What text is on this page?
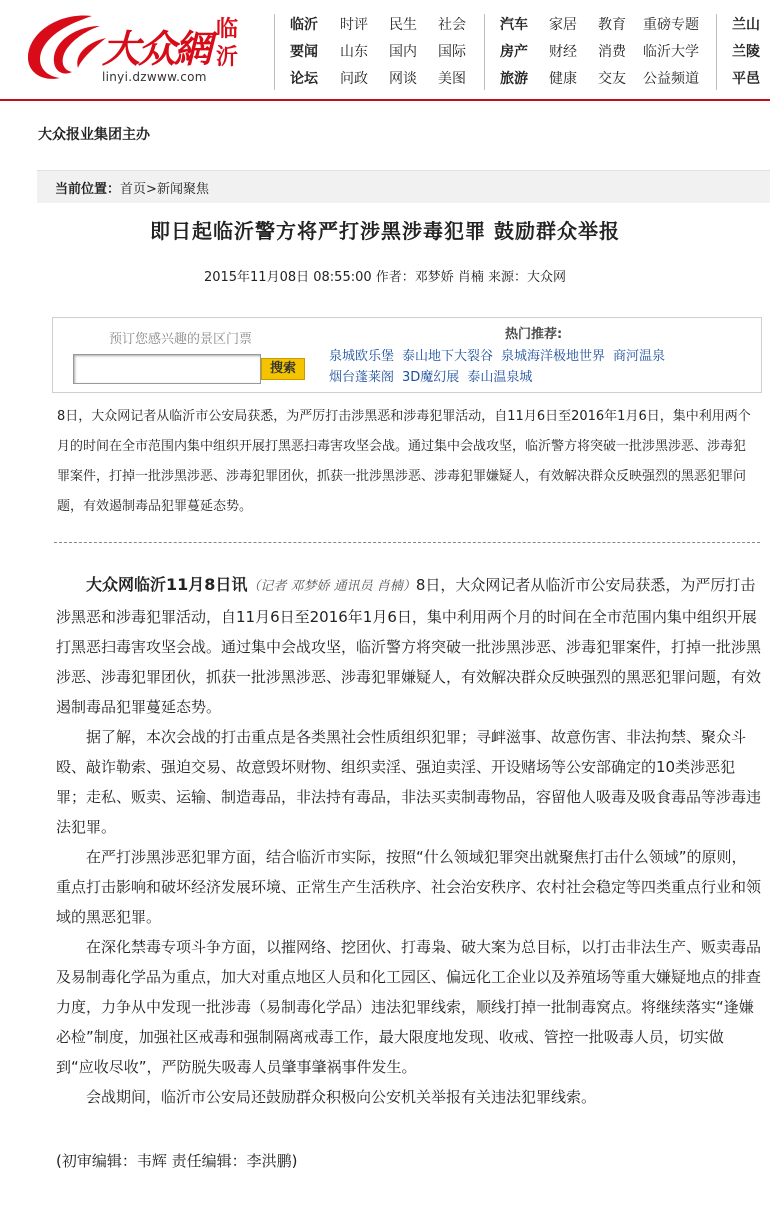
大众網 临沂
linyi.dzwww.com
临沂
要闻
论坛
时评
山东
问政
民生
国内
网谈
社会
国际
美图
汽车
房产
旅游
家居
财经
健康
教育
消费
交友
重磅专题
临沂大学
公益频道
兰山
兰陵
平邑
大众报业集团主办
当前位置：首页>新闻聚焦
即日起临沂警方将严打涉黑涉毒犯罪 鼓励群众举报
2015年11月08日 08:55:00 作者：邓梦娇 肖楠 来源：大众网
预订您感兴趣的景区门票
搜索
热门推荐:
泉城欧乐堡 泰山地下大裂谷 泉城海洋极地世界 商河温泉
烟台蓬莱阁 3D魔幻展 泰山温泉城
8日，大众网记者从临沂市公安局获悉，为严厉打击涉黑恶和涉毒犯罪活动，自11月6日至2016年1月6日，集中利用两个月的时间在全市范围内集中组织开展打黑恶扫毒害攻坚会战。通过集中会战攻坚，临沂警方将突破一批涉黑涉恶、涉毒犯罪案件，打掉一批涉黑涉恶、涉毒犯罪团伙，抓获一批涉黑涉恶、涉毒犯罪嫌疑人，有效解决群众反映强烈的黑恶犯罪问题，有效遏制毒品犯罪蔓延态势。

大众网临沂11月8日讯（记者 邓梦娇 通讯员 肖楠）8日，大众网记者从临沂市公安局获悉，为严厉打击涉黑恶和涉毒犯罪活动，自11月6日至2016年1月6日，集中利用两个月的时间在全市范围内集中组织开展打黑恶扫毒害攻坚会战。通过集中会战攻坚，临沂警方将突破一批涉黑涉恶、涉毒犯罪案件，打掉一批涉黑涉恶、涉毒犯罪团伙，抓获一批涉黑涉恶、涉毒犯罪嫌疑人，有效解决群众反映强烈的黑恶犯罪问题，有效遏制毒品犯罪蔓延态势。

据了解，本次会战的打击重点是各类黑社会性质组织犯罪；寻衅滋事、故意伤害、非法拘禁、聚众斗殴、敲诈勒索、强迫交易、故意毁坏财物、组织卖淫、强迫卖淫、开设赌场等公安部确定的10类涉恶犯罪；走私、贩卖、运输、制造毒品，非法持有毒品，非法买卖制毒物品，容留他人吸毒及吸食毒品等涉毒违法犯罪。

在严打涉黑涉恶犯罪方面，结合临沂市实际，按照“什么领域犯罪突出就聚焦打击什么领域”的原则，重点打击影响和破坏经济发展环境、正常生产生活秩序、社会治安秩序、农村社会稳定等四类重点行业和领域的黑恶犯罪。

在深化禁毒专项斗争方面，以摧网络、挖团伙、打毒枭、破大案为总目标，以打击非法生产、贩卖毒品及易制毒化学品为重点，加大对重点地区人员和化工园区、偏远化工企业以及养殖场等重大嫌疑地点的排查力度，力争从中发现一批涉毒（易制毒化学品）违法犯罪线索，顺线打掉一批制毒窝点。将继续落实“逢嫌必检”制度，加强社区戒毒和强制隔离戒毒工作，最大限度地发现、收戒、管控一批吸毒人员，切实做到“应收尽收”，严防脱失吸毒人员肇事肇祸事件发生。

会战期间，临沂市公安局还鼓励群众积极向公安机关举报有关违法犯罪线索。

(初审编辑：韦辉 责任编辑：李洪鹏)
